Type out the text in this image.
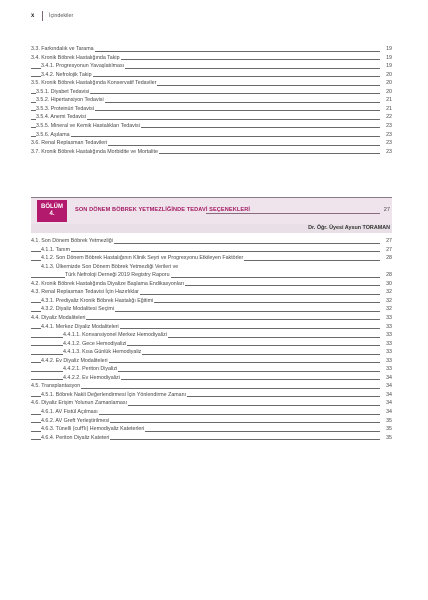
x	İçindekiler
3.3. Farkındalık ve Tarama	19
3.4. Kronik Böbrek Hastalığında Takip	19
3.4.1. Progresyonun Yavaşlatılması	19
3.4.2. Nefrolojik Takip	20
3.5. Kronik Böbrek Hastalığında Konservatif Tedaviler	20
3.5.1. Diyabet Tedavisi	20
3.5.2. Hipertansiyon Tedavisi	21
3.5.3. Proteinüri Tedavisi	21
3.5.4. Anemi Tedavisi	22
3.5.5. Mineral ve Kemik Hastalıkları Tedavisi	23
3.5.6. Aşılama	23
3.6. Renal Replasman Tedavileri	23
3.7. Kronik Böbrek Hastalığında Morbidite ve Mortalite	23
BÖLÜM
4.
SON DÖNEM BÖBREK YETMEZLİĞİNDE TEDAVİ SEÇENEKLERİ	27
Dr. Öğr. Üyesi Aysun TORAMAN
4.1. Son Dönem Böbrek Yetmezliği	27
4.1.1. Tanım	27
4.1.2. Son Dönem Böbrek Hastalığının Klinik Seyri ve Progresyonu Etkileyen Faktörler	28
4.1.3. Ülkemizde Son Dönem Böbrek Yetmezliği Verileri ve
Türk Nefroloji Derneği 2019 Registry Raporu	28
4.2. Kronik Böbrek Hastalığında Diyalize Başlama Endikasyonları	30
4.3. Renal Replasman Tedavisi İçin Hazırlıklar	32
4.3.1. Prediyaliz Kronik Böbrek Hastalığı Eğitimi	32
4.3.2. Diyaliz Modalitesi Seçimi	32
4.4. Diyaliz Modaliteleri	33
4.4.1. Merkez Diyaliz Modaliteleri	33
4.4.1.1. Konvansiyonel Merkez Hemodiyalizi	33
4.4.1.2. Gece Hemodiyalizi	33
4.4.1.3. Kısa Günlük Hemodiyaliz	33
4.4.2. Ev Diyaliz Modaliteleri	33
4.4.2.1. Periton Diyalizi	33
4.4.2.2. Ev Hemodiyalizi	34
4.5. Transplantasyon	34
4.5.1. Böbrek Nakli Değerlendirmesi İçin Yönlendirme Zamanı	34
4.6. Diyaliz Erişim Yolunun Zamanlaması	34
4.6.1. AV Fistül Açılması	34
4.6.2. AV Greft Yerleştirilmesi	35
4.6.3. Tünelli (cuff'lı) Hemodiyaliz Kateterleri	35
4.6.4. Periton Diyaliz Kateteri	35
